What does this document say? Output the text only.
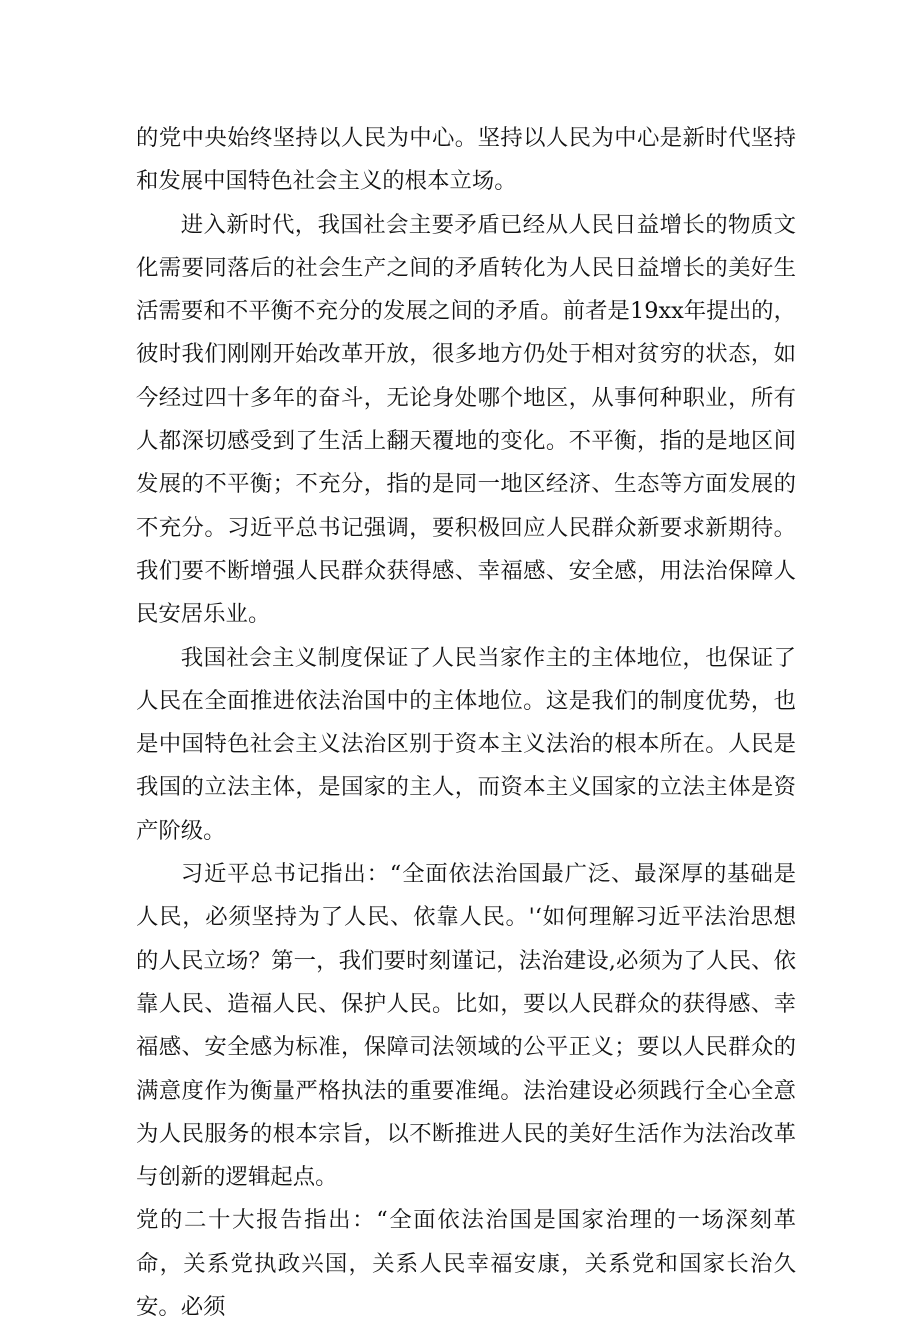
的党中央始终坚持以人民为中心。坚持以人民为中心是新时代坚持和发展中国特色社会主义的根本立场。

进入新时代，我国社会主要矛盾已经从人民日益增长的物质文化需要同落后的社会生产之间的矛盾转化为人民日益增长的美好生活需要和不平衡不充分的发展之间的矛盾。前者是19xx年提出的，彼时我们刚刚开始改革开放，很多地方仍处于相对贫穷的状态，如今经过四十多年的奋斗，无论身处哪个地区，从事何种职业，所有人都深切感受到了生活上翻天覆地的变化。不平衡，指的是地区间发展的不平衡；不充分，指的是同一地区经济、生态等方面发展的不充分。习近平总书记强调，要积极回应人民群众新要求新期待。我们要不断增强人民群众获得感、幸福感、安全感，用法治保障人民安居乐业。

我国社会主义制度保证了人民当家作主的主体地位，也保证了人民在全面推进依法治国中的主体地位。这是我们的制度优势，也是中国特色社会主义法治区别于资本主义法治的根本所在。人民是我国的立法主体，是国家的主人，而资本主义国家的立法主体是资产阶级。

习近平总书记指出：“全面依法治国最广泛、最深厚的基础是人民，必须坚持为了人民、依靠人民。'‘如何理解习近平法治思想的人民立场？第一，我们要时刻谨记，法治建设,必须为了人民、依靠人民、造福人民、保护人民。比如，要以人民群众的获得感、幸福感、安全感为标准，保障司法领域的公平正义；要以人民群众的满意度作为衡量严格执法的重要准绳。法治建设必须践行全心全意为人民服务的根本宗旨，以不断推进人民的美好生活作为法治改革与创新的逻辑起点。

党的二十大报告指出：“全面依法治国是国家治理的一场深刻革命，关系党执政兴国，关系人民幸福安康，关系党和国家长治久安。必须
